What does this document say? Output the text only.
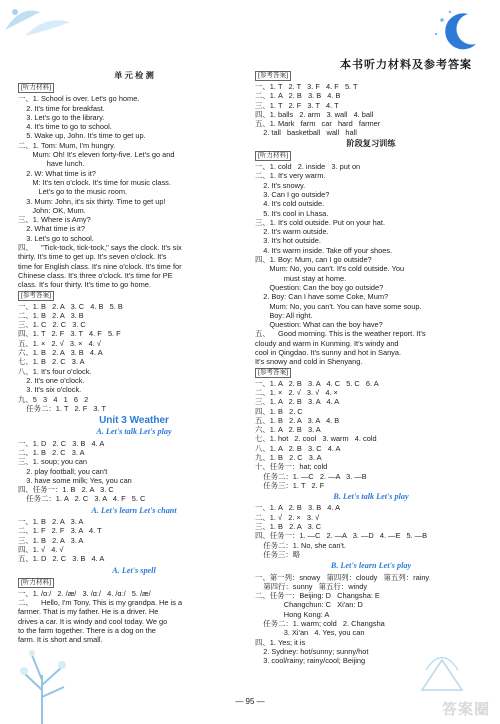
本书听力材料及参考答案
单 元 检 测
[听力材料]
一、1. School is over. Let's go home.
2. It's time for breakfast.
3. Let's go to the library.
4. It's time to go to school.
5. Wake up, John. It's time to get up.
二、1. Tom: Mum, I'm hungry.
Mum: Oh! It's eleven forty-five. Let's go and
have lunch.
2. W: What time is it?
M: It's ten o'clock. It's time for music class.
Let's go to the music room.
3. Mum: John, it's six thirty. Time to get up!
John: OK, Mum.
三、1. Where is Amy?
2. What time is it?
3. Let's go to school.
四、    "Tick-tock, tick-tock," says the clock. It's six
thirty. It's time to get up. It's seven o'clock. It's
time for English class. It's nine o'clock. It's time for
Chinese class. It's three o'clock. It's time for PE
class. It's four thirty. It's time to go home.
[参考答案]
一、1. B   2. A   3. C   4. B   5. B
二、1. B   2. A   3. B
三、1. C   2. C   3. C
四、1. T   2. F   3. T   4. F   5. F
五、1. ×   2. √   3. ×   4. √
六、1. B   2. A   3. B   4. A
七、1. B   2. C   3. A
八、1. It's four o'clock.
2. It's one o'clock.
3. It's six o'clock.
九、5   3   4   1   6   2
任务二：1. T   2. F   3. T
Unit 3 Weather
A. Let's talk Let's play
一、1. D   2. C   3. B   4. A
二、1. B   2. C   3. A
三、1. soup; you can
2. play football; you can't
3. have some milk; Yes, you can
四、任务一：1. B   2. A   3. C
任务二：1. A   2. C   3. A   4. F   5. C
A. Let's learn Let's chant
一、1. B   2. A   3. A
二、1. F   2. F   3. A   4. T
三、1. B   2. A   3. A
四、1. √   4. √
五、1. D   2. C   3. B   4. A
A. Let's spell
[听力材料]
一、1. /ɑː/   2. /æ/   3. /ɑː/   4. /ɑː/   5. /æ/
二、    Hello, I'm Tony. This is my grandpa. He is a
farmer. That is my father. He is a driver. He
drives a car. It is windy and cool today. We go
to the farm together. There is a dog on the
farm. It is short and small.
[参考答案]
一、1. T   2. T   3. F   4. F   5. T
二、1. A   2. B   3. B   4. B
三、1. T   2. F   3. T   4. T
四、1. balls   2. arm   3. wall   4. ball
五、1. Mark   farm   car   hard   farmer
2. tall   basketball   wall   hall
阶段复习训练
[听力材料]
一、1. cold   2. inside   3. put on
二、1. It's very warm.
2. It's snowy.
3. Can I go outside?
4. It's cold outside.
5. It's cool in Lhasa.
三、1. It's cold outside. Put on your hat.
2. It's warm outside.
3. It's hot outside.
4. It's warm inside. Take off your shoes.
四、1. Boy: Mum, can I go outside?
Mum: No, you can't. It's cold outside. You
must stay at home.
Question: Can the boy go outside?
2. Boy: Can I have some Coke, Mum?
Mum: No, you can't. You can have some soup.
Boy: All right.
Question: What can the boy have?
五、    Good morning. This is the weather report. It's
cloudy and warm in Kunming. It's windy and
cool in Qingdao. It's sunny and hot in Sanya.
It's snowy and cold in Shenyang.
[参考答案]
一、1. A   2. B   3. A   4. C   5. C   6. A
二、1. ×   2. √   3. √   4. ×
三、1. A   2. B   3. A   4. A
四、1. B   2. C
五、1. B   2. A   3. A   4. B
六、1. A   2. B   3. A
七、1. hot   2. cool   3. warm   4. cold
八、1. A   2. B   3. C   4. A
九、1. B   2. C   3. A
十、任务一：hat; cold
任务二：1. —C   2. —A   3. —B
任务三：1. T   2. F
B. Let's talk Let's play
一、1. A   2. B   3. B   4. A
二、1. √   2. ×   3. √
三、1. B   2. A   3. C
四、任务一：1. —C   2. —A   3. —D   4. —E   5. —B
任务二：1. No, she can't.
任务三：略
B. Let's learn Let's play
一、第一列：snowy   第四列：cloudy   第五列：rainy
第四行：sunny   第五行：windy
二、任务一：Beijing: D   Changsha: E
Changchun: C   Xi'an: D
Hong Kong: A
任务二：1. warm; cold   2. Changsha
3. Xi'an   4. Yes, you can
四、1. Yes; it is
2. Sydney: hot/sunny; sunny/hot
3. cool/rainy; rainy/cool; Beijing
— 95 —	答案圈
